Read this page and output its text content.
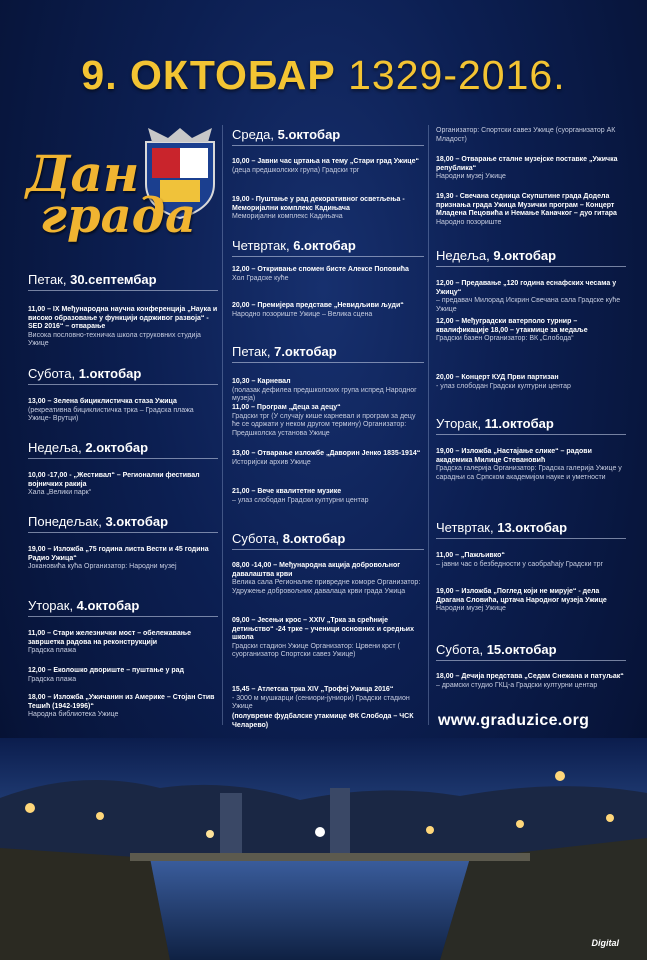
9. ОКТОБАР 1329-2016.
Дан
града
Петак, 30.септембар
11,00 – IX Међународна научна конференција „Наука и високо образовање у функцији одрживог развоја“ - SED 2016“ – отварање
Висока пословно-техничка школа струковних студија Ужице
Субота, 1.октобар
13,00 – Зелена бициклистичка стаза Ужица
(рекреативна бициклистичка трка – Градска плажа Ужице- Врутци)
Недеља, 2.октобар
10,00 -17,00 - „Жестивал“ – Регионални фестивал војничких ракија
Хала „Велики парк“
Понедељак, 3.октобар
19,00 – Изложба „75 година листа Вести и 45 година Радио Ужица“
Јокановића кућа Организатор: Народни музеј
Уторак, 4.октобар
11,00 – Стари железнички мост – обележавање завршетка радова на реконструкцији
Градска плажа
12,00 – Еколошко двориште – пуштање у рад
Градска плажа
18,00 – Изложба „Ужичанин из Америке – Стојан Стив Тешић (1942-1996)“
Народна библиотека Ужице
Среда, 5.октобар
10,00 – Јавни час цртања на тему „Стари град Ужице“
(деца предшколских група) Градски трг
19,00 - Пуштање у рад декоративног осветљења - Меморијални комплекс Кадињача
Меморијални комплекс Кадињача
Четвртак, 6.октобар
12,00 – Откривање спомен бисте Алексе Поповића
Хол Градске куће
20,00 – Премијера представе „Невидљиви људи“
Народно позориште Ужице – Велика сцена
Петак, 7.октобар
10,30 – Карневал
(полазак дефилеа предшколских група испред Народног музеја)
11,00 – Програм „Деца за децу“
Градски трг (У случају кише карневал и програм за децу ће се одржати у неком другом термину) Организатор: Предшколска установа Ужице
13,00 – Отварање изложбе „Даворин Јенко 1835-1914“
Историјски архив Ужице
21,00 – Вече квалитетне музике
– улаз слободан Градски културни центар
Субота, 8.октобар
08,00 -14,00 – Међународна акција добровољног давалаштва крви
Велика сала Регионалне привредне коморе Организатор: Удружење добровољних давалаца крви града Ужица
09,00 – Јесењи крос – XXIV „Трка за срећније детињство“ -24 трке – ученици основних и средњих школа
Градски стадион Ужице Организатор: Црвени крст ( суорганизатор Спортски савез Ужице)
15,45 – Атлетска трка XIV „Трофеј Ужица 2016“
- 3000 м мушкарци (сениори-јуниори) Градски стадион Ужице
(полувреме фудбалске утакмице ФК Слобода – ЧСК Челарево)
Организатор: Спортски савез Ужице (суорганизатор АК Младост)
18,00 – Отварање сталне музејске поставке „Ужичка република“
Народни музеј Ужице
19,30 - Свечана седница Скупштине града Додела признања града Ужица Музички програм – Концерт Младена Пецовића и Немање Каначког – дуо гитара
Народно позориште
Недеља, 9.октобар
12,00 – Предавање „120 година еснафских чесама у Ужицу“
– предавач Милорад Искрин Свечана сала Градске куће Ужице
12,00 – Међуградски ватерполо турнир – квалификације 18,00 – утакмице за медаље
Градски базен Организатор: ВК „Слобода“
20,00 – Концерт КУД Први партизан
- улаз слободан Градски културни центар
Уторак, 11.октобар
19,00 – Изложба „Настајање слике“ – радови академика Милице Стевановић
Градска галерија Организатор: Градска галерија Ужице у сарадњи са Српском академијом науке и уметности
Четвртак, 13.октобар
11,00 – „Пажљивко“
– јавни час о безбедности у саобраћају Градски трг
19,00 – Изложба „Поглед који не мирује“ - дела Драгана Словића, цртача Народног музеја Ужице
Народни музеј Ужице
Субота, 15.октобар
18,00 – Дечија представа „Седам Снежана и патуљак“
– драмски студио ГКЦ-а Градски културни центар
www.graduzice.org
Digital
